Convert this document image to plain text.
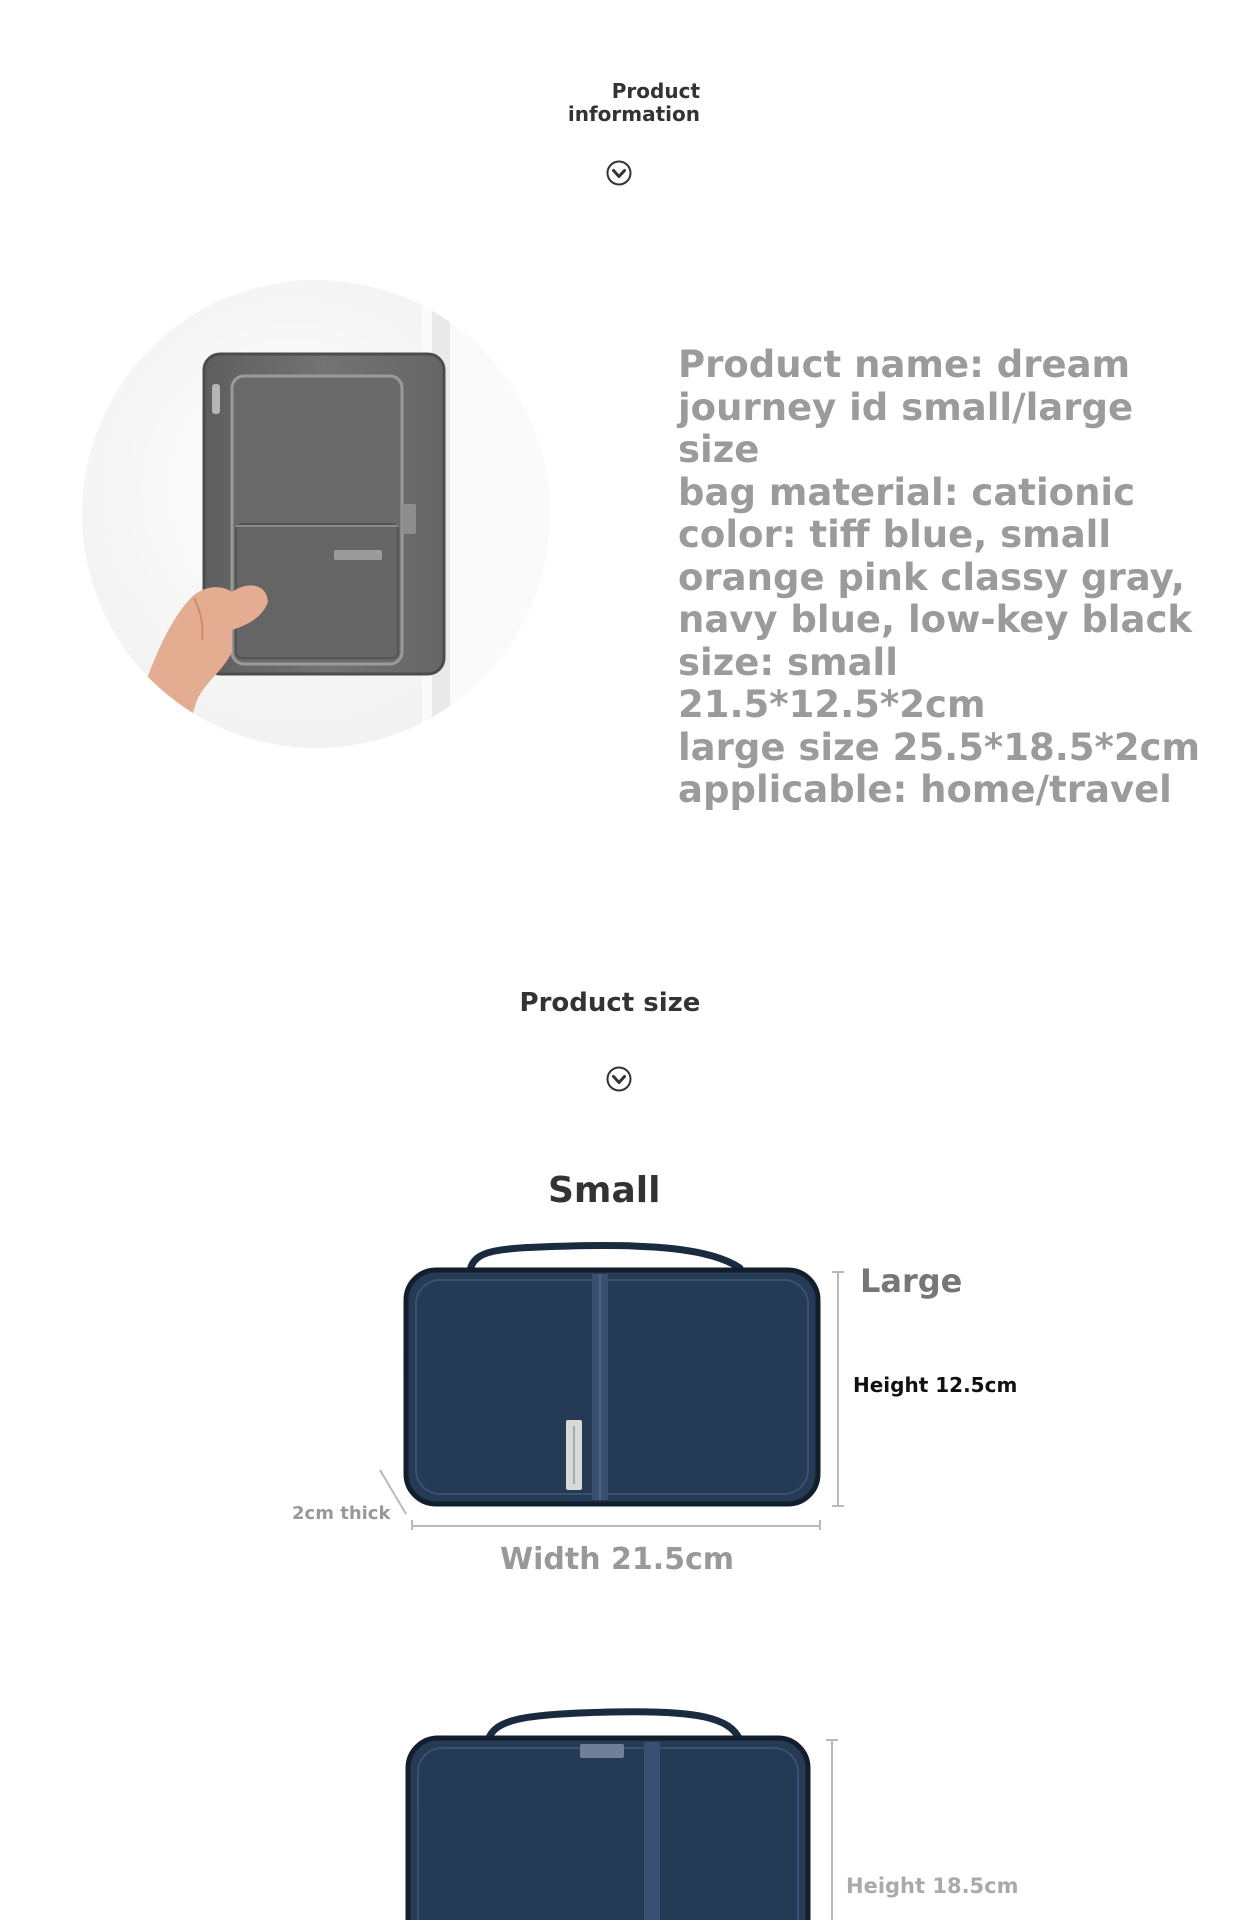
Product
information
Product name: dream
journey id small/large size
bag material: cationic
color: tiff blue, small
orange pink classy gray,
navy blue, low-key black
size: small 21.5*12.5*2cm
large size 25.5*18.5*2cm
applicable: home/travel
Product size
Small
Large
Height 12.5cm
2cm thick
Width 21.5cm
Height 18.5cm
